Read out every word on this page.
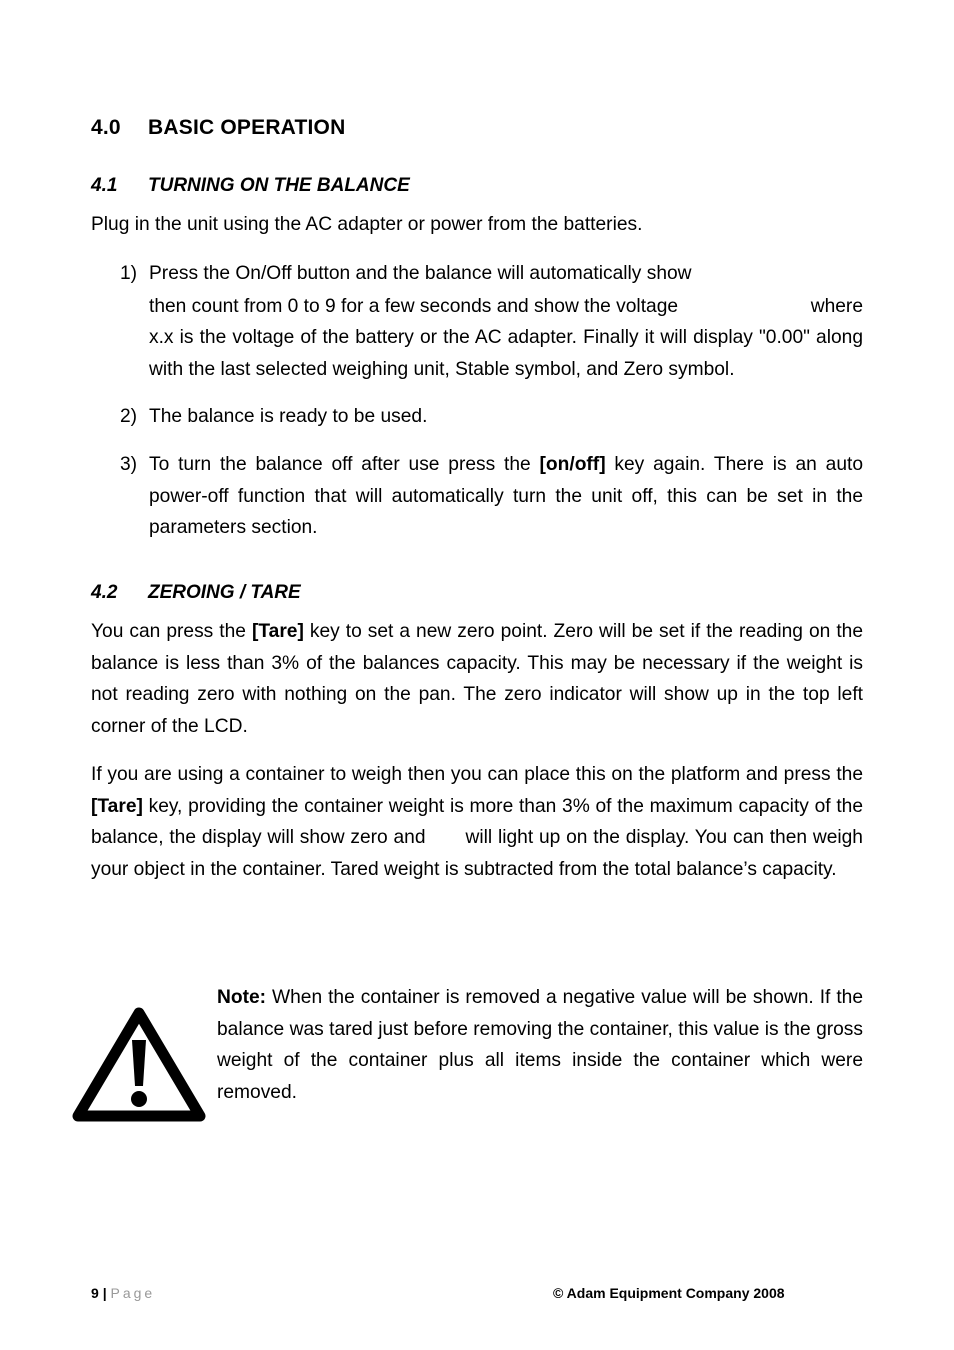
4.0 BASIC OPERATION
4.1 TURNING ON THE BALANCE
Plug in the unit using the AC adapter or power from the batteries.
1) Press the On/Off button and the balance will automatically show
then count from 0 to 9 for a few seconds and show the voltage	where
x.x is the voltage of the battery or the AC adapter. Finally it will display "0.00" along with the last selected weighing unit, Stable symbol, and Zero symbol.
2) The balance is ready to be used.
3) To turn the balance off after use press the [on/off] key again. There is an auto power-off function that will automatically turn the unit off, this can be set in the parameters section.
4.2 ZEROING / TARE
You can press the [Tare] key to set a new zero point. Zero will be set if the reading on the balance is less than 3% of the balances capacity. This may be necessary if the weight is not reading zero with nothing on the pan. The zero indicator will show up in the top left corner of the LCD.
If you are using a container to weigh then you can place this on the platform and press the [Tare] key, providing the container weight is more than 3% of the maximum capacity of the balance, the display will show zero and will light up on the display. You can then weigh your object in the container. Tared weight is subtracted from the total balance’s capacity.
Note: When the container is removed a negative value will be shown. If the balance was tared just before removing the container, this value is the gross weight of the container plus all items inside the container which were removed.
9 | Page	© Adam Equipment Company 2008
